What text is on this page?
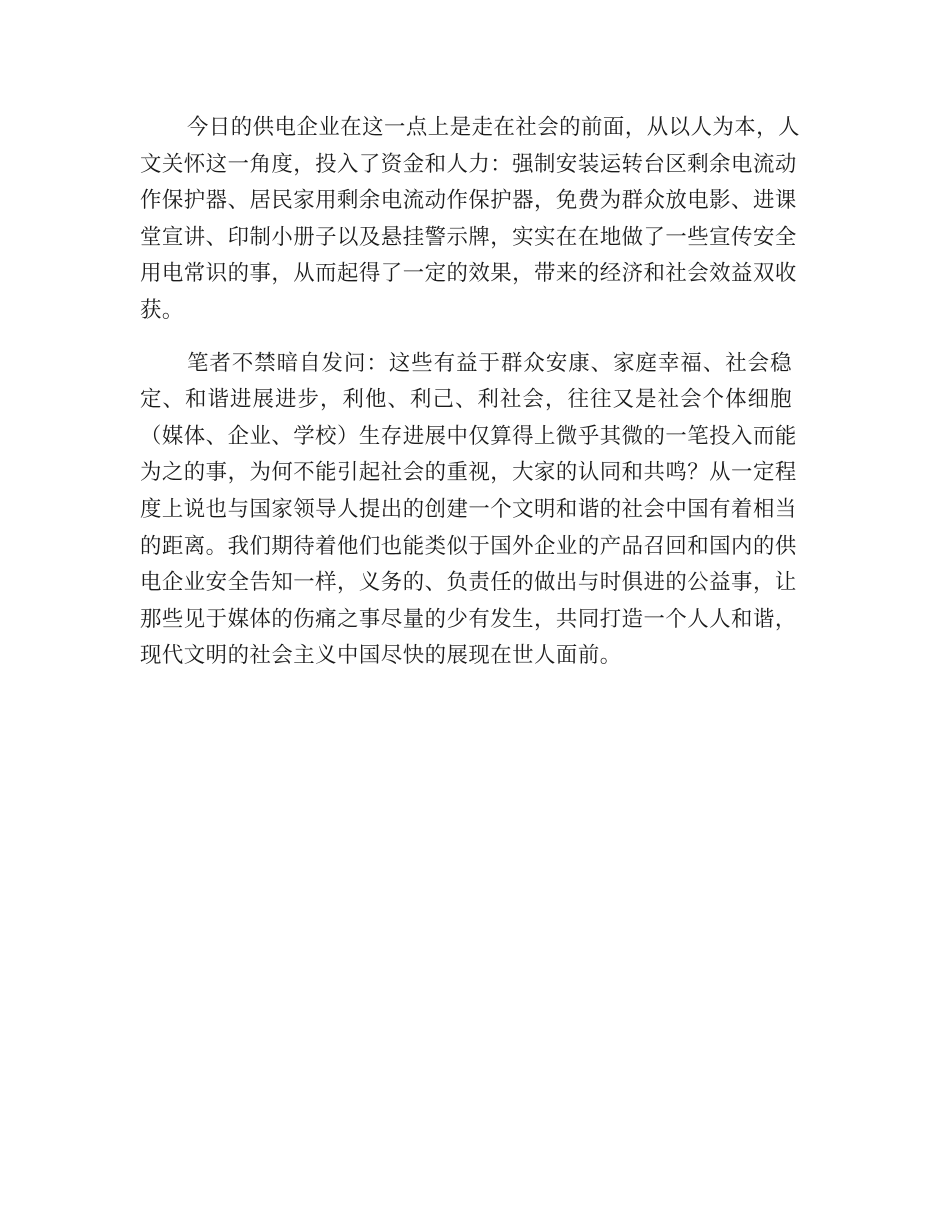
今日的供电企业在这一点上是走在社会的前面，从以人为本，人
文关怀这一角度，投入了资金和人力：强制安装运转台区剩余电流动
作保护器、居民家用剩余电流动作保护器，免费为群众放电影、进课
堂宣讲、印制小册子以及悬挂警示牌，实实在在地做了一些宣传安全
用电常识的事，从而起得了一定的效果，带来的经济和社会效益双收
获。
笔者不禁暗自发问：这些有益于群众安康、家庭幸福、社会稳
定、和谐进展进步，利他、利己、利社会，往往又是社会个体细胞
（媒体、企业、学校）生存进展中仅算得上微乎其微的一笔投入而能
为之的事，为何不能引起社会的重视，大家的认同和共鸣？从一定程
度上说也与国家领导人提出的创建一个文明和谐的社会中国有着相当
的距离。我们期待着他们也能类似于国外企业的产品召回和国内的供
电企业安全告知一样，义务的、负责任的做出与时俱进的公益事，让
那些见于媒体的伤痛之事尽量的少有发生，共同打造一个人人和谐，
现代文明的社会主义中国尽快的展现在世人面前。
